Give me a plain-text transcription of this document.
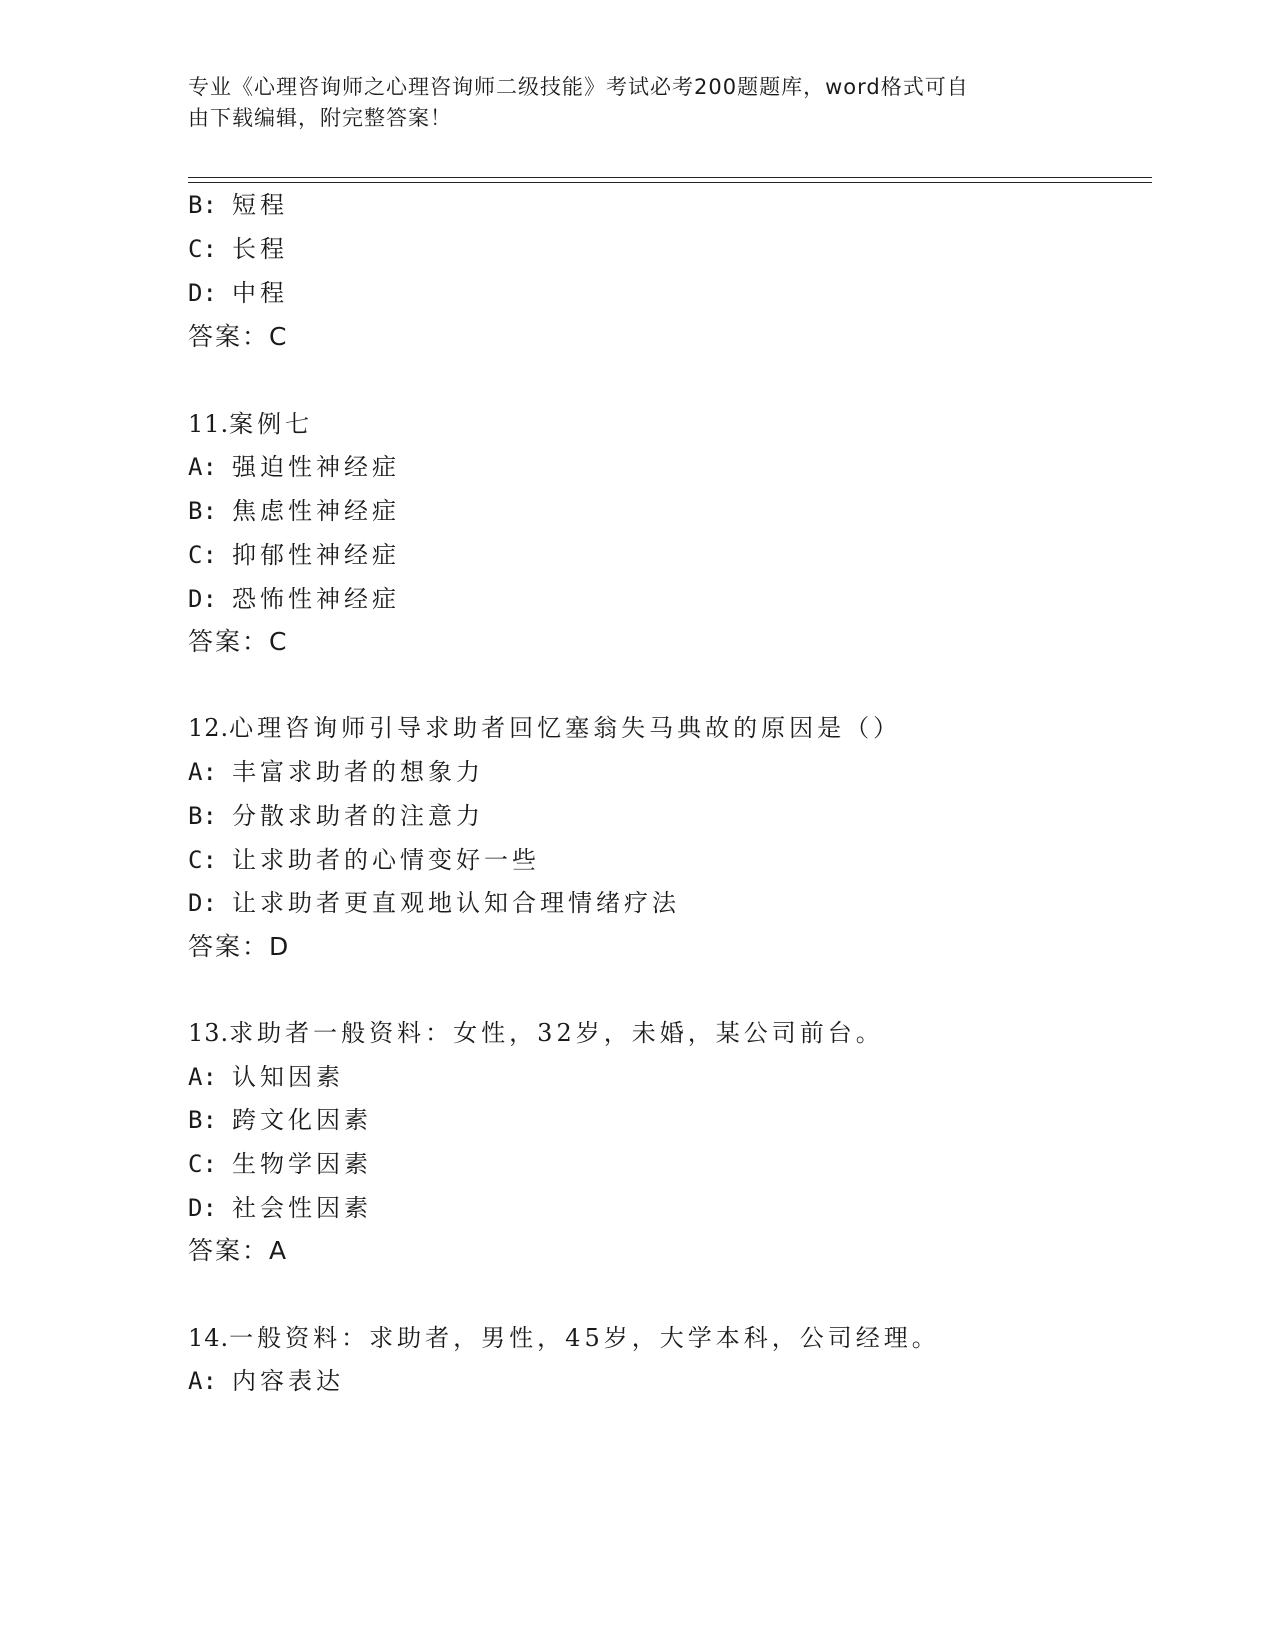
专业《心理咨询师之心理咨询师二级技能》考试必考200题题库，word格式可自
由下载编辑，附完整答案！
B: 短程
C: 长程
D: 中程
答案：C
11.案例七
A: 强迫性神经症
B: 焦虑性神经症
C: 抑郁性神经症
D: 恐怖性神经症
答案：C
12.心理咨询师引导求助者回忆塞翁失马典故的原因是（）
A: 丰富求助者的想象力
B: 分散求助者的注意力
C: 让求助者的心情变好一些
D: 让求助者更直观地认知合理情绪疗法
答案：D
13.求助者一般资料：女性，32岁，未婚，某公司前台。
A: 认知因素
B: 跨文化因素
C: 生物学因素
D: 社会性因素
答案：A
14.一般资料：求助者，男性，45岁，大学本科，公司经理。
A: 内容表达
